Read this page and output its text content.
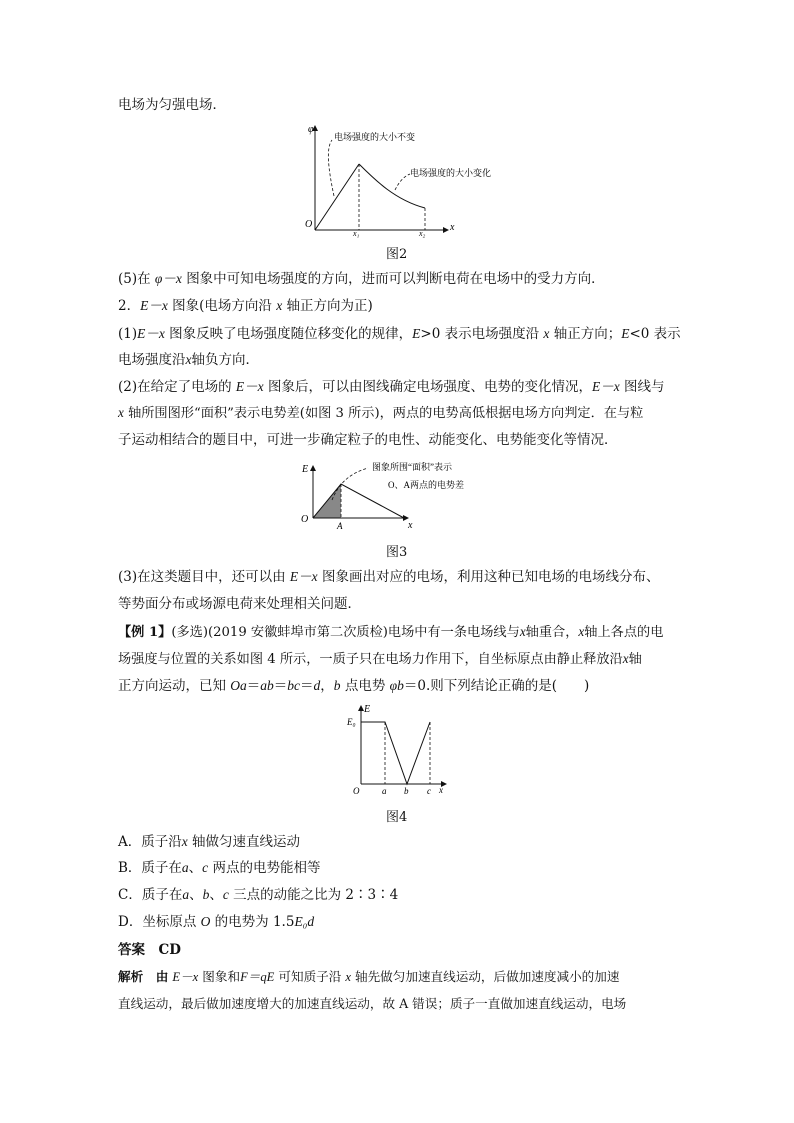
电场为匀强电场．
φ
O	x
x₁	x₂
电场强度的大小不变
电场强度的大小变化
图2
(5)在 φ－x 图象中可知电场强度的方向，进而可以判断电荷在电场中的受力方向．
2．E－x 图象(电场方向沿 x 轴正方向为正)
(1)E－x 图象反映了电场强度随位移变化的规律，E>0 表示电场强度沿 x 轴正方向；E<0 表示
电场强度沿x轴负方向．
(2)在给定了电场的 E－x 图象后，可以由图线确定电场强度、电势的变化情况，E－x 图线与
x 轴所围图形“面积”表示电势差(如图 3 所示)，两点的电势高低根据电场方向判定．在与粒
子运动相结合的题目中，可进一步确定粒子的电性、动能变化、电势能变化等情况．
E
O
A	x
图象所围“面积”表示
O、A两点的电势差
图3
(3)在这类题目中，还可以由 E－x 图象画出对应的电场，利用这种已知电场的电场线分布、
等势面分布或场源电荷来处理相关问题．
【例 1】(多选)(2019 安徽蚌埠市第二次质检)电场中有一条电场线与x轴重合，x轴上各点的电
场强度与位置的关系如图 4 所示，一质子只在电场力作用下，自坐标原点由静止释放沿x轴
正方向运动，已知 Oa＝ab＝bc＝d，b 点电势 φb＝0.则下列结论正确的是(　　)
E
E₀
O	a b c x
图4
A．质子沿x 轴做匀速直线运动
B．质子在a、c 两点的电势能相等
C．质子在a、b、c 三点的动能之比为 2∶3∶4
D．坐标原点 O 的电势为 1.5E₀d
答案　CD
解析　由 E－x 图象和F＝qE 可知质子沿 x 轴先做匀加速直线运动，后做加速度减小的加速
直线运动，最后做加速度增大的加速直线运动，故 A 错误；质子一直做加速直线运动，电场
